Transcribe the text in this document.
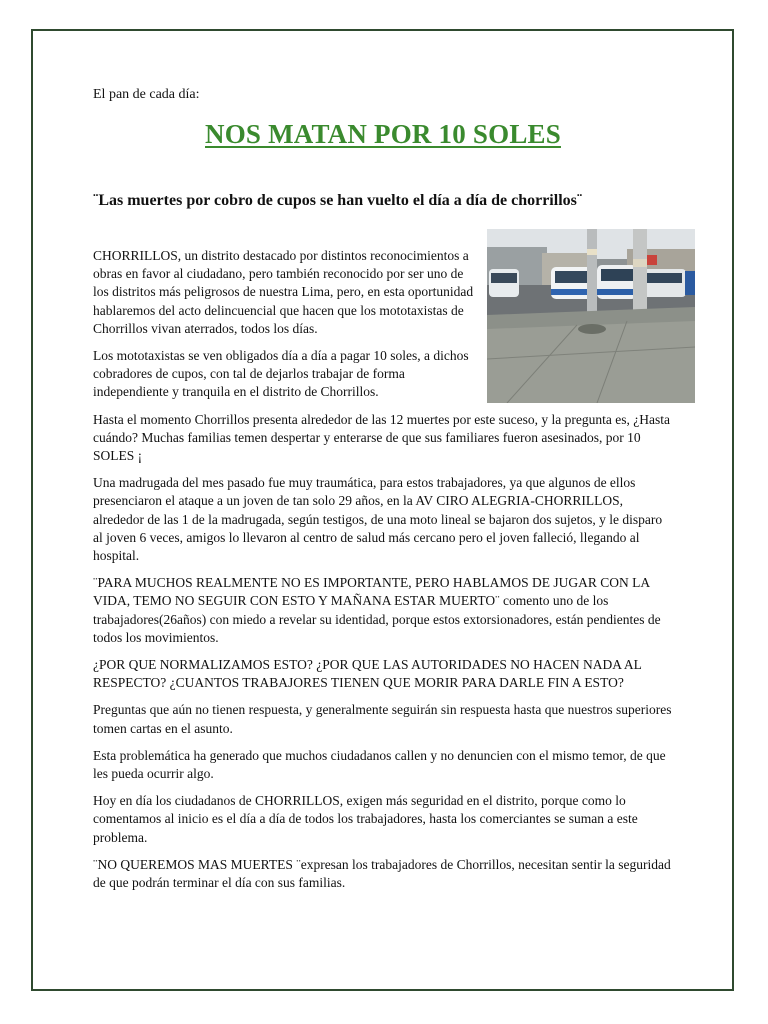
El pan de cada día:

NOS MATAN POR 10 SOLES
¨Las muertes por cobro de cupos se han vuelto el día a día de chorrillos¨

CHORRILLOS, un distrito destacado por distintos reconocimientos a obras en favor al ciudadano, pero también reconocido por ser uno de los distritos más peligrosos de nuestra Lima, pero, en esta oportunidad hablaremos del acto delincuencial que hacen que los mototaxistas de Chorrillos vivan aterrados, todos los días.

Los mototaxistas se ven obligados día a día a pagar 10 soles, a dichos cobradores de cupos, con tal de dejarlos trabajar de forma independiente y tranquila en el distrito de Chorrillos.

Hasta el momento Chorrillos presenta alrededor de las 12 muertes por este suceso, y la pregunta es, ¿Hasta cuándo? Muchas familias temen despertar y enterarse de que sus familiares fueron asesinados, por 10 SOLES ¡

Una madrugada del mes pasado fue muy traumática, para estos trabajadores, ya que algunos de ellos presenciaron el ataque a un joven de tan solo 29 años, en la AV CIRO ALEGRIA-CHORRILLOS, alrededor de las 1 de la madrugada, según testigos, de una moto lineal se bajaron dos sujetos, y le disparo al joven 6 veces, amigos lo llevaron al centro de salud más cercano pero el joven falleció, llegando al hospital.

¨PARA MUCHOS REALMENTE NO ES IMPORTANTE, PERO HABLAMOS DE JUGAR CON LA VIDA, TEMO NO SEGUIR CON ESTO Y MAÑANA ESTAR MUERTO¨ comento uno de los trabajadores(26años) con miedo a revelar su identidad, porque estos extorsionadores, están pendientes de todos los movimientos.

¿POR QUE NORMALIZAMOS ESTO? ¿POR QUE LAS AUTORIDADES NO HACEN NADA AL RESPECTO? ¿CUANTOS TRABAJORES TIENEN QUE MORIR PARA DARLE FIN A ESTO?

Preguntas que aún no tienen respuesta, y generalmente seguirán sin respuesta hasta que nuestros superiores tomen cartas en el asunto.

Esta problemática ha generado que muchos ciudadanos callen y no denuncien con el mismo temor, de que les pueda ocurrir algo.

Hoy en día los ciudadanos de CHORRILLOS, exigen más seguridad en el distrito, porque como lo comentamos al inicio es el día a día de todos los trabajadores, hasta los comerciantes se suman a este problema.

¨NO QUEREMOS MAS MUERTES ¨expresan los trabajadores de Chorrillos, necesitan sentir la seguridad de que podrán terminar el día con sus familias.
